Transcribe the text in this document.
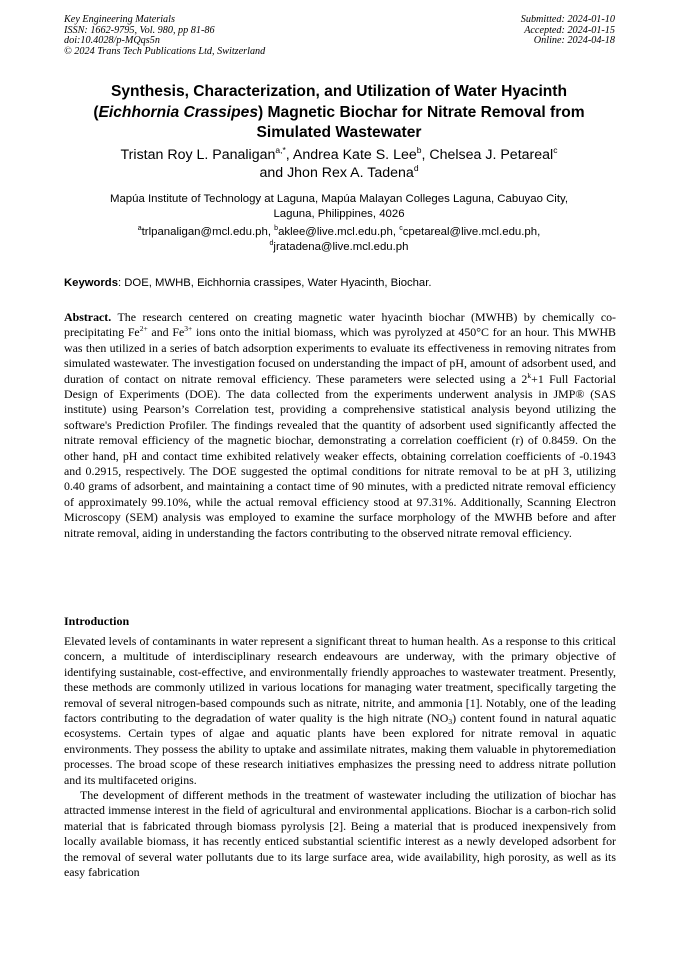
Key Engineering Materials
ISSN: 1662-9795, Vol. 980, pp 81-86
doi:10.4028/p-MQqs5n
© 2024 Trans Tech Publications Ltd, Switzerland
Submitted: 2024-01-10
Accepted: 2024-01-15
Online: 2024-04-18
Synthesis, Characterization, and Utilization of Water Hyacinth
(Eichhornia Crassipes) Magnetic Biochar for Nitrate Removal from
Simulated Wastewater
Tristan Roy L. Panaligan$^{a,*}$, Andrea Kate S. Lee$^b$, Chelsea J. Petareal$^c$
and Jhon Rex A. Tadena$^d$
Mapúa Institute of Technology at Laguna, Mapúa Malayan Colleges Laguna, Cabuyao City,
Laguna, Philippines, 4026
$^a$trlpanaligan@mcl.edu.ph, $^b$aklee@live.mcl.edu.ph, $^c$cpetareal@live.mcl.edu.ph,
$^d$jratadena@live.mcl.edu.ph
Keywords: DOE, MWHB, Eichhornia crassipes, Water Hyacinth, Biochar.
Abstract. The research centered on creating magnetic water hyacinth biochar (MWHB) by chemically co-precipitating $Fe^{2+}$ and $Fe^{3+}$ ions onto the initial biomass, which was pyrolyzed at 450°C for an hour. This MWHB was then utilized in a series of batch adsorption experiments to evaluate its effectiveness in removing nitrates from simulated wastewater. The investigation focused on understanding the impact of pH, amount of adsorbent used, and duration of contact on nitrate removal efficiency. These parameters were selected using a $2^k+1$ Full Factorial Design of Experiments (DOE). The data collected from the experiments underwent analysis in JMP® (SAS institute) using Pearson’s Correlation test, providing a comprehensive statistical analysis beyond utilizing the software's Prediction Profiler. The findings revealed that the quantity of adsorbent used significantly affected the nitrate removal efficiency of the magnetic biochar, demonstrating a correlation coefficient (r) of 0.8459. On the other hand, pH and contact time exhibited relatively weaker effects, obtaining correlation coefficients of -0.1943 and 0.2915, respectively. The DOE suggested the optimal conditions for nitrate removal to be at pH 3, utilizing 0.40 grams of adsorbent, and maintaining a contact time of 90 minutes, with a predicted nitrate removal efficiency of approximately 99.10%, while the actual removal efficiency stood at 97.31%. Additionally, Scanning Electron Microscopy (SEM) analysis was employed to examine the surface morphology of the MWHB before and after nitrate removal, aiding in understanding the factors contributing to the observed nitrate removal efficiency.
Introduction

Elevated levels of contaminants in water represent a significant threat to human health. As a response to this critical concern, a multitude of interdisciplinary research endeavours are underway, with the primary objective of identifying sustainable, cost-effective, and environmentally friendly approaches to wastewater treatment. Presently, these methods are commonly utilized in various locations for managing water treatment, specifically targeting the removal of several nitrogen-based compounds such as nitrate, nitrite, and ammonia [1]. Notably, one of the leading factors contributing to the degradation of water quality is the high nitrate $(NO_3)$ content found in natural aquatic ecosystems. Certain types of algae and aquatic plants have been explored for nitrate removal in aquatic environments. They possess the ability to uptake and assimilate nitrates, making them valuable in phytoremediation processes. The broad scope of these research initiatives emphasizes the pressing need to address nitrate pollution and its multifaceted origins.

The development of different methods in the treatment of wastewater including the utilization of biochar has attracted immense interest in the field of agricultural and environmental applications. Biochar is a carbon-rich solid material that is fabricated through biomass pyrolysis [2]. Being a material that is produced inexpensively from locally available biomass, it has recently enticed substantial scientific interest as a newly developed adsorbent for the removal of several water pollutants due to its large surface area, wide availability, high porosity, as well as its easy fabrication
